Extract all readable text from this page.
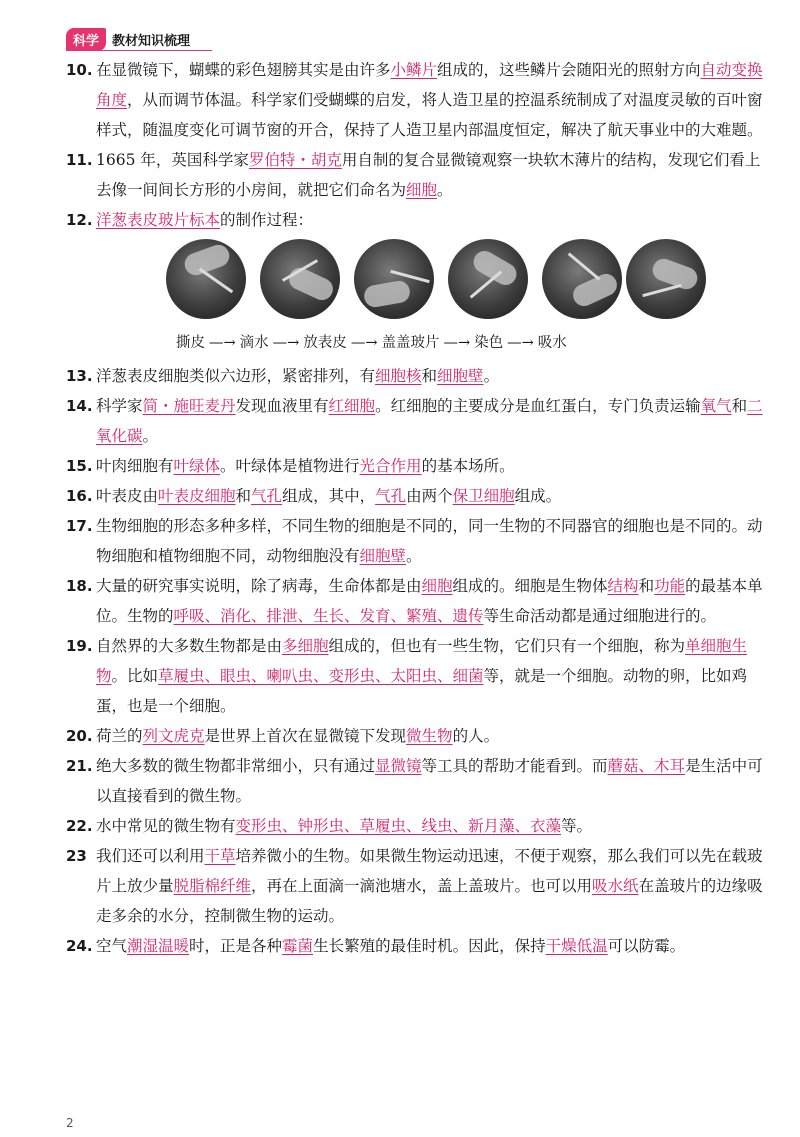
科学	教材知识梳理

10. 在显微镜下，蝴蝶的彩色翅膀其实是由许多小鳞片组成的，这些鳞片会随阳光的照射方向自动变换角度，从而调节体温。科学家们受蝴蝶的启发，将人造卫星的控温系统制成了对温度灵敏的百叶窗样式，随温度变化可调节窗的开合，保持了人造卫星内部温度恒定，解决了航天事业中的大难题。

11. 1665 年，英国科学家罗伯特・胡克用自制的复合显微镜观察一块软木薄片的结构，发现它们看上去像一间间长方形的小房间，就把它们命名为细胞。

12. 洋葱表皮玻片标本的制作过程：

撕皮 —→ 滴水 —→ 放表皮 —→ 盖盖玻片 —→ 染色 —→ 吸水

13. 洋葱表皮细胞类似六边形，紧密排列，有细胞核和细胞壁。

14. 科学家简・施旺麦丹发现血液里有红细胞。红细胞的主要成分是血红蛋白，专门负责运输氧气和二氧化碳。

15. 叶肉细胞有叶绿体。叶绿体是植物进行光合作用的基本场所。

16. 叶表皮由叶表皮细胞和气孔组成，其中，气孔由两个保卫细胞组成。

17. 生物细胞的形态多种多样，不同生物的细胞是不同的，同一生物的不同器官的细胞也是不同的。动物细胞和植物细胞不同，动物细胞没有细胞壁。

18. 大量的研究事实说明，除了病毒，生命体都是由细胞组成的。细胞是生物体结构和功能的最基本单位。生物的呼吸、消化、排泄、生长、发育、繁殖、遗传等生命活动都是通过细胞进行的。

19. 自然界的大多数生物都是由多细胞组成的，但也有一些生物，它们只有一个细胞，称为单细胞生物。比如草履虫、眼虫、喇叭虫、变形虫、太阳虫、细菌等，就是一个细胞。动物的卵，比如鸡蛋，也是一个细胞。

20. 荷兰的列文虎克是世界上首次在显微镜下发现微生物的人。

21. 绝大多数的微生物都非常细小，只有通过显微镜等工具的帮助才能看到。而蘑菇、木耳是生活中可以直接看到的微生物。

22. 水中常见的微生物有变形虫、钟形虫、草履虫、线虫、新月藻、衣藻等。

23 我们还可以利用干草培养微小的生物。如果微生物运动迅速，不便于观察，那么我们可以先在载玻片上放少量脱脂棉纤维，再在上面滴一滴池塘水，盖上盖玻片。也可以用吸水纸在盖玻片的边缘吸走多余的水分，控制微生物的运动。

24. 空气潮湿温暖时，正是各种霉菌生长繁殖的最佳时机。因此，保持干燥低温可以防霉。

2
